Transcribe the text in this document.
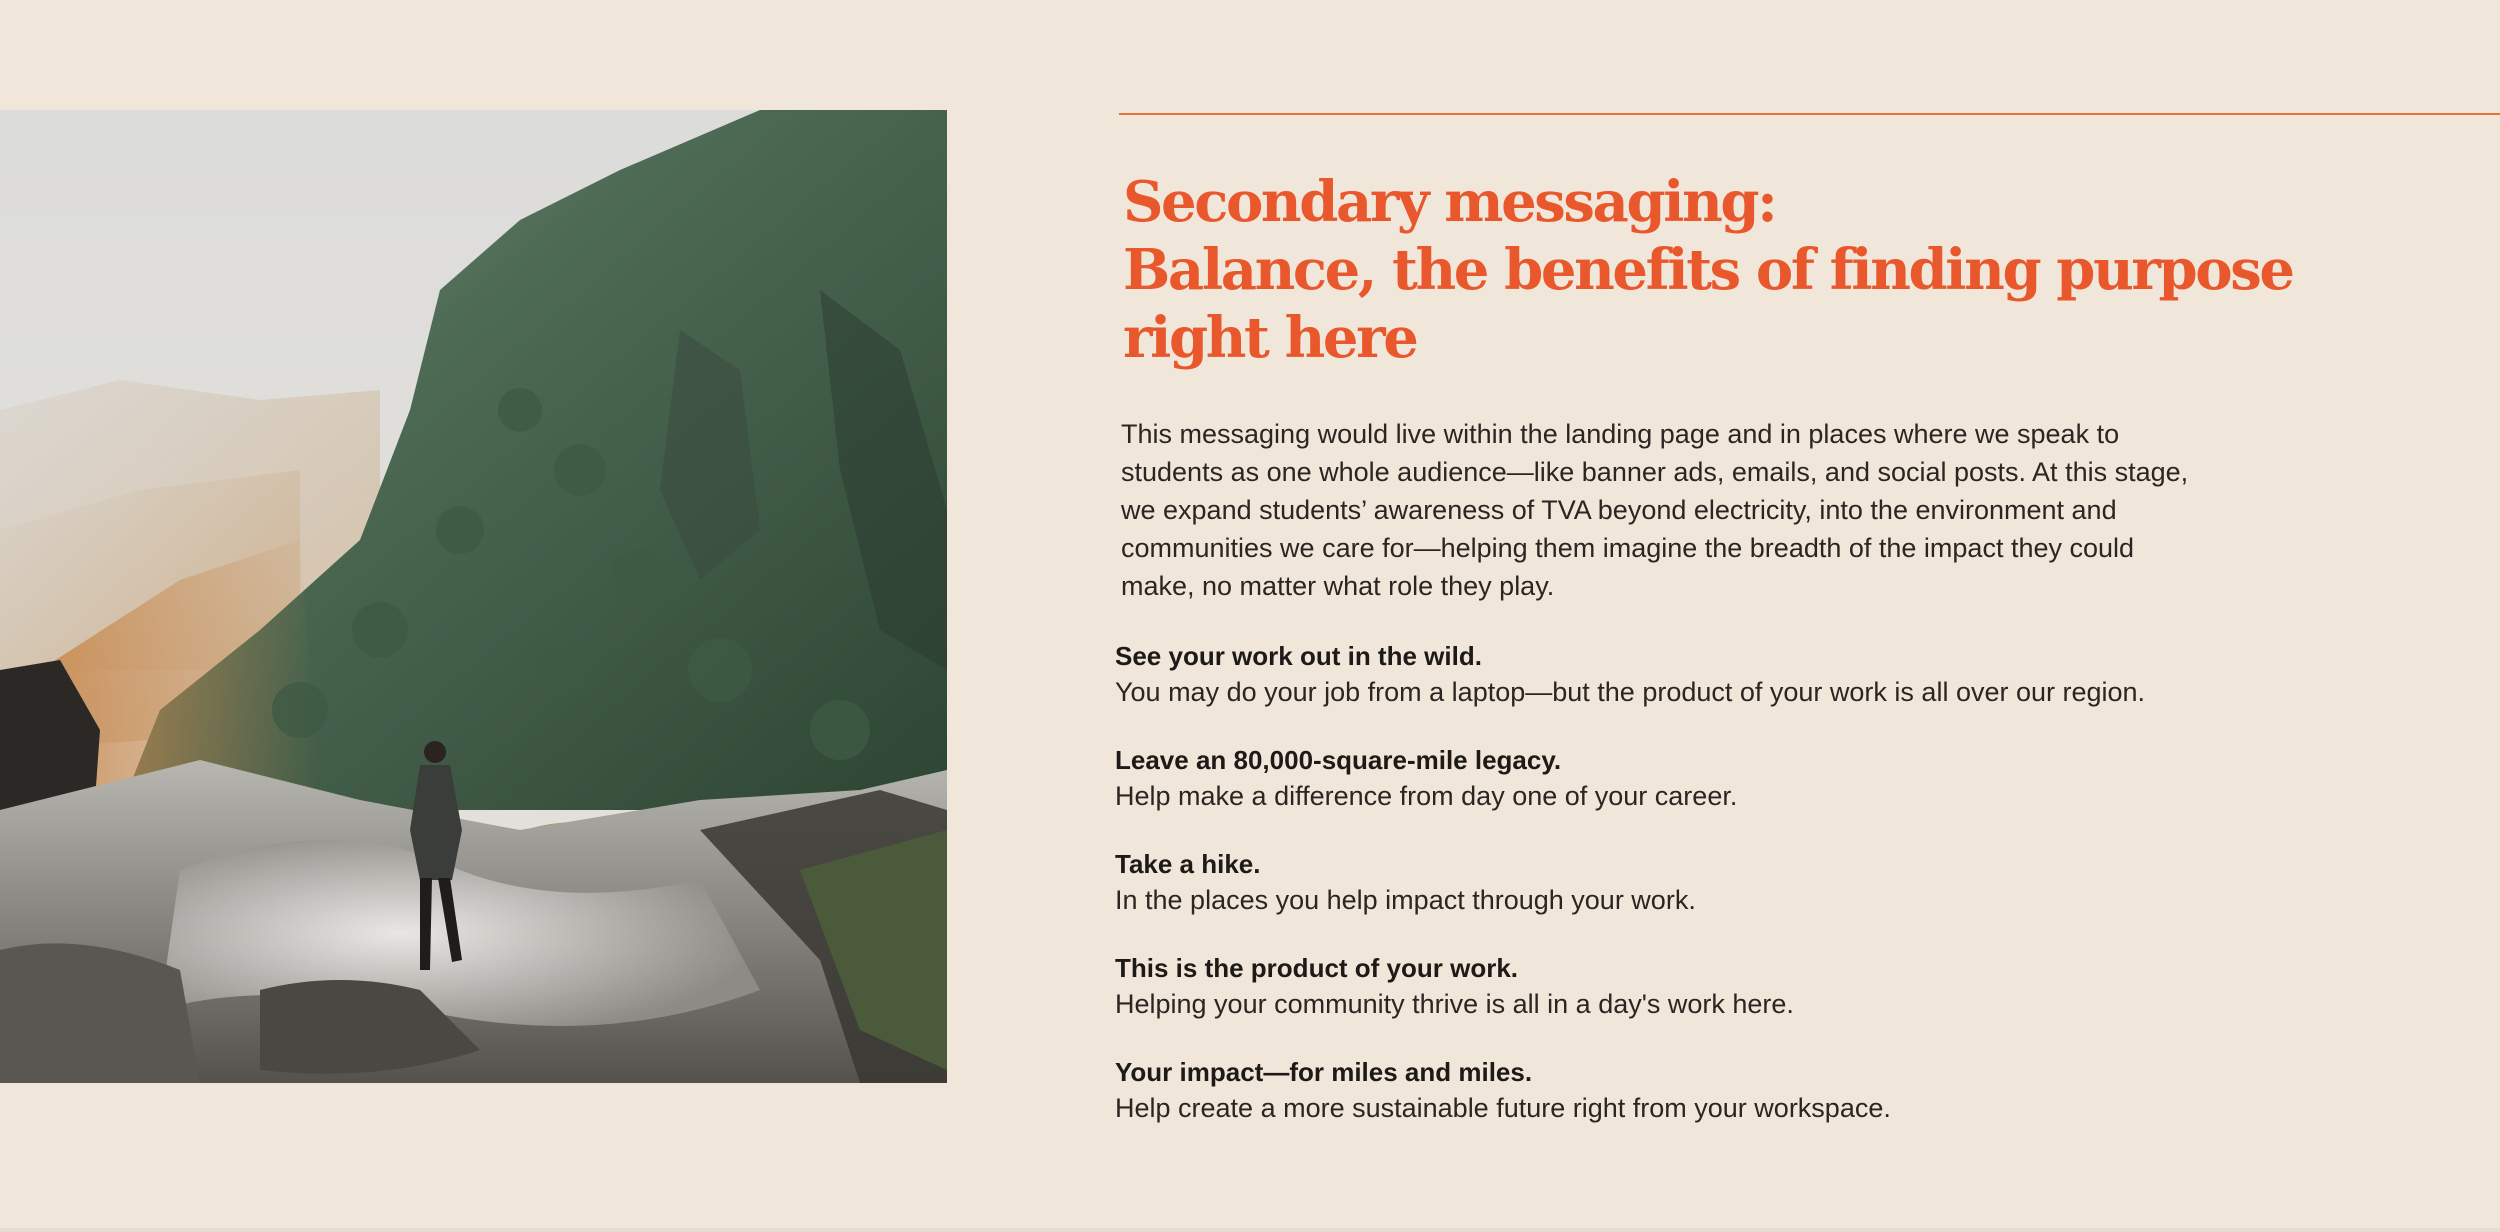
Secondary messaging:
Balance, the benefits of finding purpose
right here

This messaging would live within the landing page and in places where we speak to students as one whole audience—like banner ads, emails, and social posts. At this stage, we expand students’ awareness of TVA beyond electricity, into the environment and communities we care for—helping them imagine the breadth of the impact they could make, no matter what role they play.

See your work out in the wild.
You may do your job from a laptop—but the product of your work is all over our region.
Leave an 80,000-square-mile legacy.
Help make a difference from day one of your career.
Take a hike.
In the places you help impact through your work.
This is the product of your work.
Helping your community thrive is all in a day's work here.
Your impact—for miles and miles.
Help create a more sustainable future right from your workspace.
